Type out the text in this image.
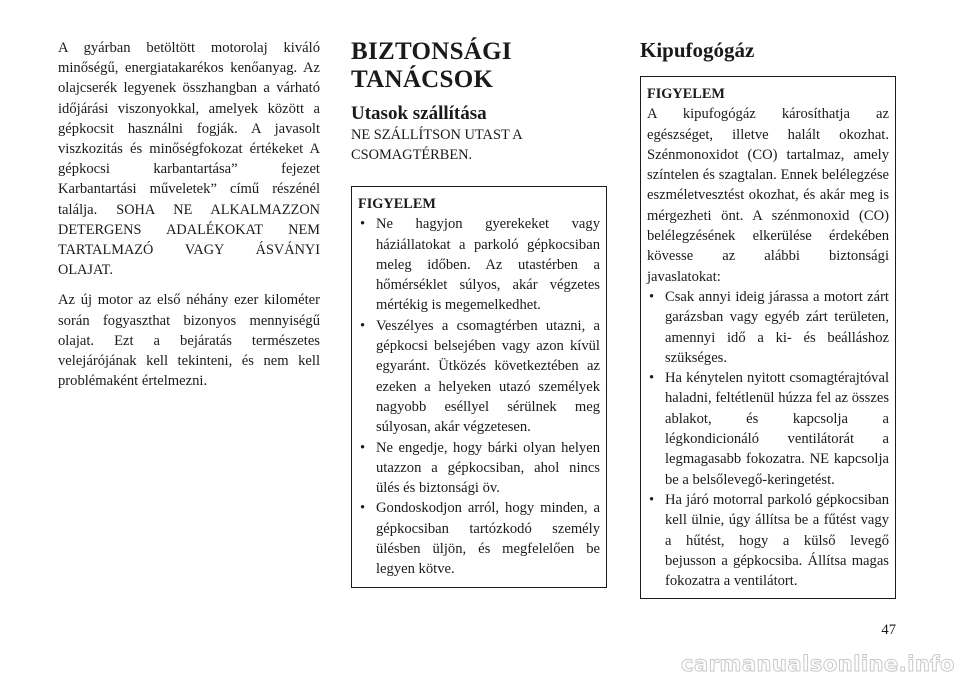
A gyárban betöltött motorolaj kiváló minőségű, energiatakarékos kenőanyag. Az olajcserék legyenek összhangban a várható időjárási viszonyokkal, amelyek között a gépkocsit használni fogják. A javasolt viszkozitás és minőségfokozat értékeket A gépkocsi karbantartása” fejezet Karbantartási műveletek” című részénél találja. SOHA NE ALKALMAZZON DETERGENS ADALÉKOKAT NEM TARTALMAZÓ VAGY ÁSVÁNYI OLAJAT.

Az új motor az első néhány ezer kilométer során fogyaszthat bizonyos mennyiségű olajat. Ezt a bejáratás természetes velejárójának kell tekinteni, és nem kell problémaként értelmezni.

BIZTONSÁGI
TANÁCSOK
Utasok szállítása
NE SZÁLLÍTSON UTAST A CSOMAGTÉRBEN.
FIGYELEM
• Ne hagyjon gyerekeket vagy háziállatokat a parkoló gépkocsiban meleg időben. Az utastérben a hőmérséklet súlyos, akár végzetes mértékig is megemelkedhet.
• Veszélyes a csomagtérben utazni, a gépkocsi belsejében vagy azon kívül egyaránt. Ütközés következtében az ezeken a helyeken utazó személyek nagyobb eséllyel sérülnek meg súlyosan, akár végzetesen.
• Ne engedje, hogy bárki olyan helyen utazzon a gépkocsiban, ahol nincs ülés és biztonsági öv.
• Gondoskodjon arról, hogy minden, a gépkocsiban tartózkodó személy ülésben üljön, és megfelelően be legyen kötve.
Kipufogógáz
FIGYELEM

A kipufogógáz károsíthatja az egészséget, illetve halált okozhat. Szénmonoxidot (CO) tartalmaz, amely színtelen és szagtalan. Ennek belélegzése eszméletvesztést okozhat, és akár meg is mérgezheti önt. A szénmonoxid (CO) belélegzésének elkerülése érdekében kövesse az alábbi biztonsági javaslatokat:

• Csak annyi ideig járassa a motort zárt garázsban vagy egyéb zárt területen, amennyi idő a ki- és beálláshoz szükséges.
• Ha kénytelen nyitott csomagtérajtóval haladni, feltétlenül húzza fel az összes ablakot, és kapcsolja a légkondicionáló ventilátorát a legmagasabb fokozatra. NE kapcsolja be a belsőlevegő-keringetést.
• Ha járó motorral parkoló gépkocsiban kell ülnie, úgy állítsa be a fűtést vagy a hűtést, hogy a külső levegő bejusson a gépkocsiba. Állítsa magas fokozatra a ventilátort.
47
carmanualsonline.info
